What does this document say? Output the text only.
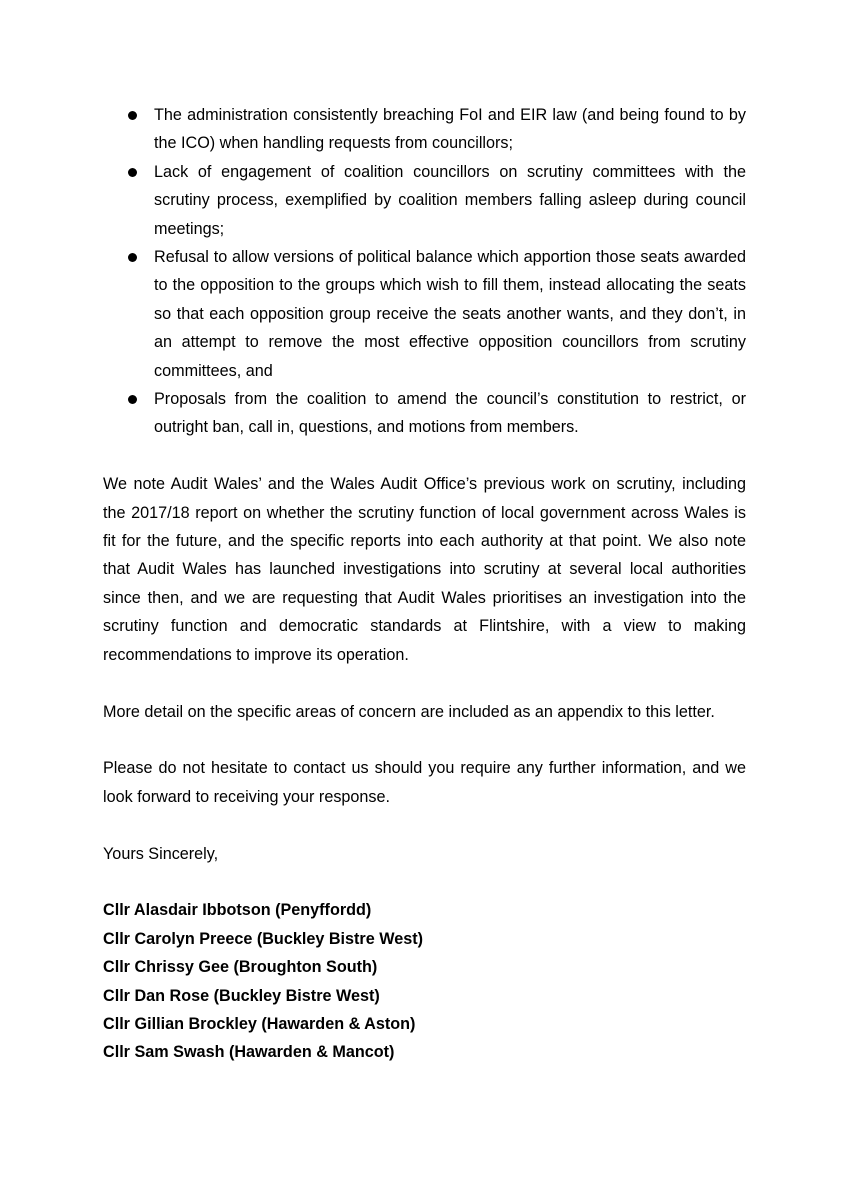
The administration consistently breaching FoI and EIR law (and being found to by the ICO) when handling requests from councillors;
Lack of engagement of coalition councillors on scrutiny committees with the scrutiny process, exemplified by coalition members falling asleep during council meetings;
Refusal to allow versions of political balance which apportion those seats awarded to the opposition to the groups which wish to fill them, instead allocating the seats so that each opposition group receive the seats another wants, and they don’t, in an attempt to remove the most effective opposition councillors from scrutiny committees, and
Proposals from the coalition to amend the council’s constitution to restrict, or outright ban, call in, questions, and motions from members.

We note Audit Wales’ and the Wales Audit Office’s previous work on scrutiny, including the 2017/18 report on whether the scrutiny function of local government across Wales is fit for the future, and the specific reports into each authority at that point. We also note that Audit Wales has launched investigations into scrutiny at several local authorities since then, and we are requesting that Audit Wales prioritises an investigation into the scrutiny function and democratic standards at Flintshire, with a view to making recommendations to improve its operation.

More detail on the specific areas of concern are included as an appendix to this letter.

Please do not hesitate to contact us should you require any further information, and we look forward to receiving your response.

Yours Sincerely,

Cllr Alasdair Ibbotson (Penyffordd)

Cllr Carolyn Preece (Buckley Bistre West)

Cllr Chrissy Gee (Broughton South)

Cllr Dan Rose (Buckley Bistre West)

Cllr Gillian Brockley (Hawarden & Aston)

Cllr Sam Swash (Hawarden & Mancot)
